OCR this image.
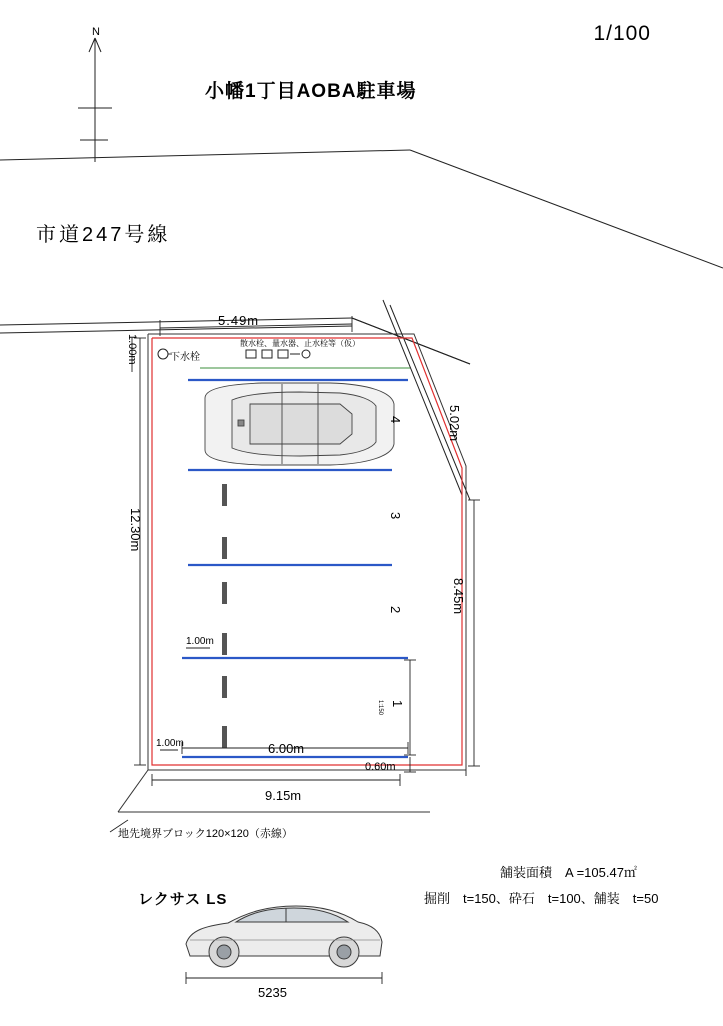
1/100
小幡1丁目AOBA駐車場
市道247号線
N
5.49m
1.00m
12.30m
5.02m
8.45m
1.00m
1.00m	6.00m
0.60m
9.15m
4
3
2
1
1:150
下水栓
散水栓、量水器、止水栓等（仮）
地先境界ブロック120×120（赤線）
舗装面積　A =105.47㎡
掘削　t=150、砕石　t=100、舗装　t=50
レクサス LS
5235
